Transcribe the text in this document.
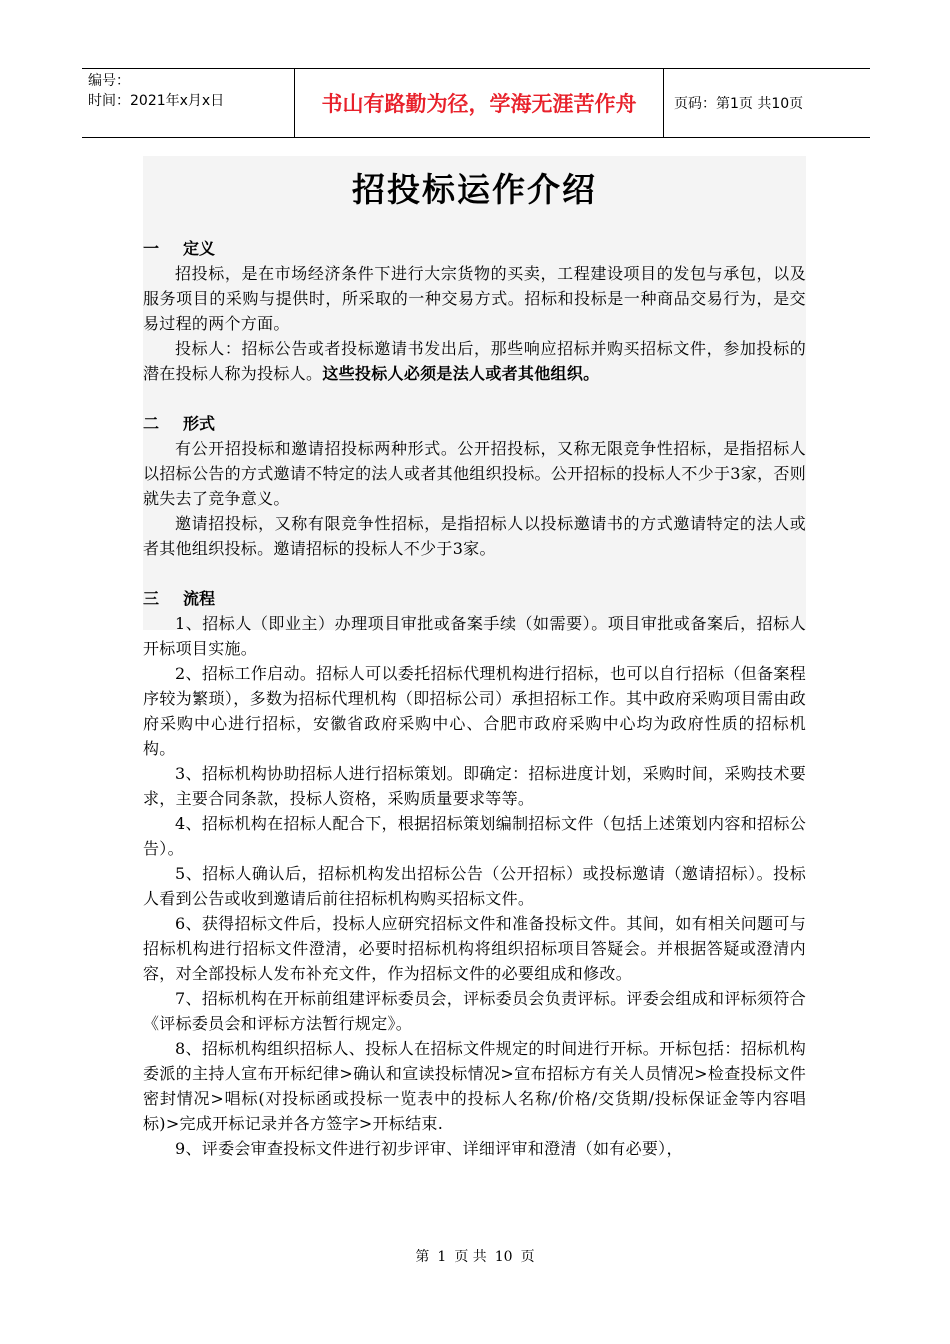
编号：
时间：2021年x月x日	书山有路勤为径，学海无涯苦作舟	页码：第1页 共10页
招投标运作介绍
一 定义

招投标，是在市场经济条件下进行大宗货物的买卖，工程建设项目的发包与承包，以及服务项目的采购与提供时，所采取的一种交易方式。招标和投标是一种商品交易行为，是交易过程的两个方面。

投标人：招标公告或者投标邀请书发出后，那些响应招标并购买招标文件，参加投标的潜在投标人称为投标人。这些投标人必须是法人或者其他组织。

二 形式

有公开招投标和邀请招投标两种形式。公开招投标，又称无限竞争性招标，是指招标人以招标公告的方式邀请不特定的法人或者其他组织投标。公开招标的投标人不少于3家，否则就失去了竞争意义。

邀请招投标，又称有限竞争性招标，是指招标人以投标邀请书的方式邀请特定的法人或者其他组织投标。邀请招标的投标人不少于3家。

三 流程

1、招标人（即业主）办理项目审批或备案手续（如需要）。项目审批或备案后，招标人开标项目实施。

2、招标工作启动。招标人可以委托招标代理机构进行招标，也可以自行招标（但备案程序较为繁琐），多数为招标代理机构（即招标公司）承担招标工作。其中政府采购项目需由政府采购中心进行招标，安徽省政府采购中心、合肥市政府采购中心均为政府性质的招标机构。

3、招标机构协助招标人进行招标策划。即确定：招标进度计划，采购时间，采购技术要求，主要合同条款，投标人资格，采购质量要求等等。

4、招标机构在招标人配合下，根据招标策划编制招标文件（包括上述策划内容和招标公告）。

5、招标人确认后，招标机构发出招标公告（公开招标）或投标邀请（邀请招标）。投标人看到公告或收到邀请后前往招标机构购买招标文件。

6、获得招标文件后，投标人应研究招标文件和准备投标文件。其间，如有相关问题可与招标机构进行招标文件澄清，必要时招标机构将组织招标项目答疑会。并根据答疑或澄清内容，对全部投标人发布补充文件，作为招标文件的必要组成和修改。

7、招标机构在开标前组建评标委员会，评标委员会负责评标。评委会组成和评标须符合《评标委员会和评标方法暂行规定》。

8、招标机构组织招标人、投标人在招标文件规定的时间进行开标。开标包括：招标机构委派的主持人宣布开标纪律>确认和宣读投标情况>宣布招标方有关人员情况>检查投标文件密封情况>唱标(对投标函或投标一览表中的投标人名称/价格/交货期/投标保证金等内容唱标)>完成开标记录并各方签字>开标结束.

9、评委会审查投标文件进行初步评审、详细评审和澄清（如有必要），

第 1 页 共 10 页
